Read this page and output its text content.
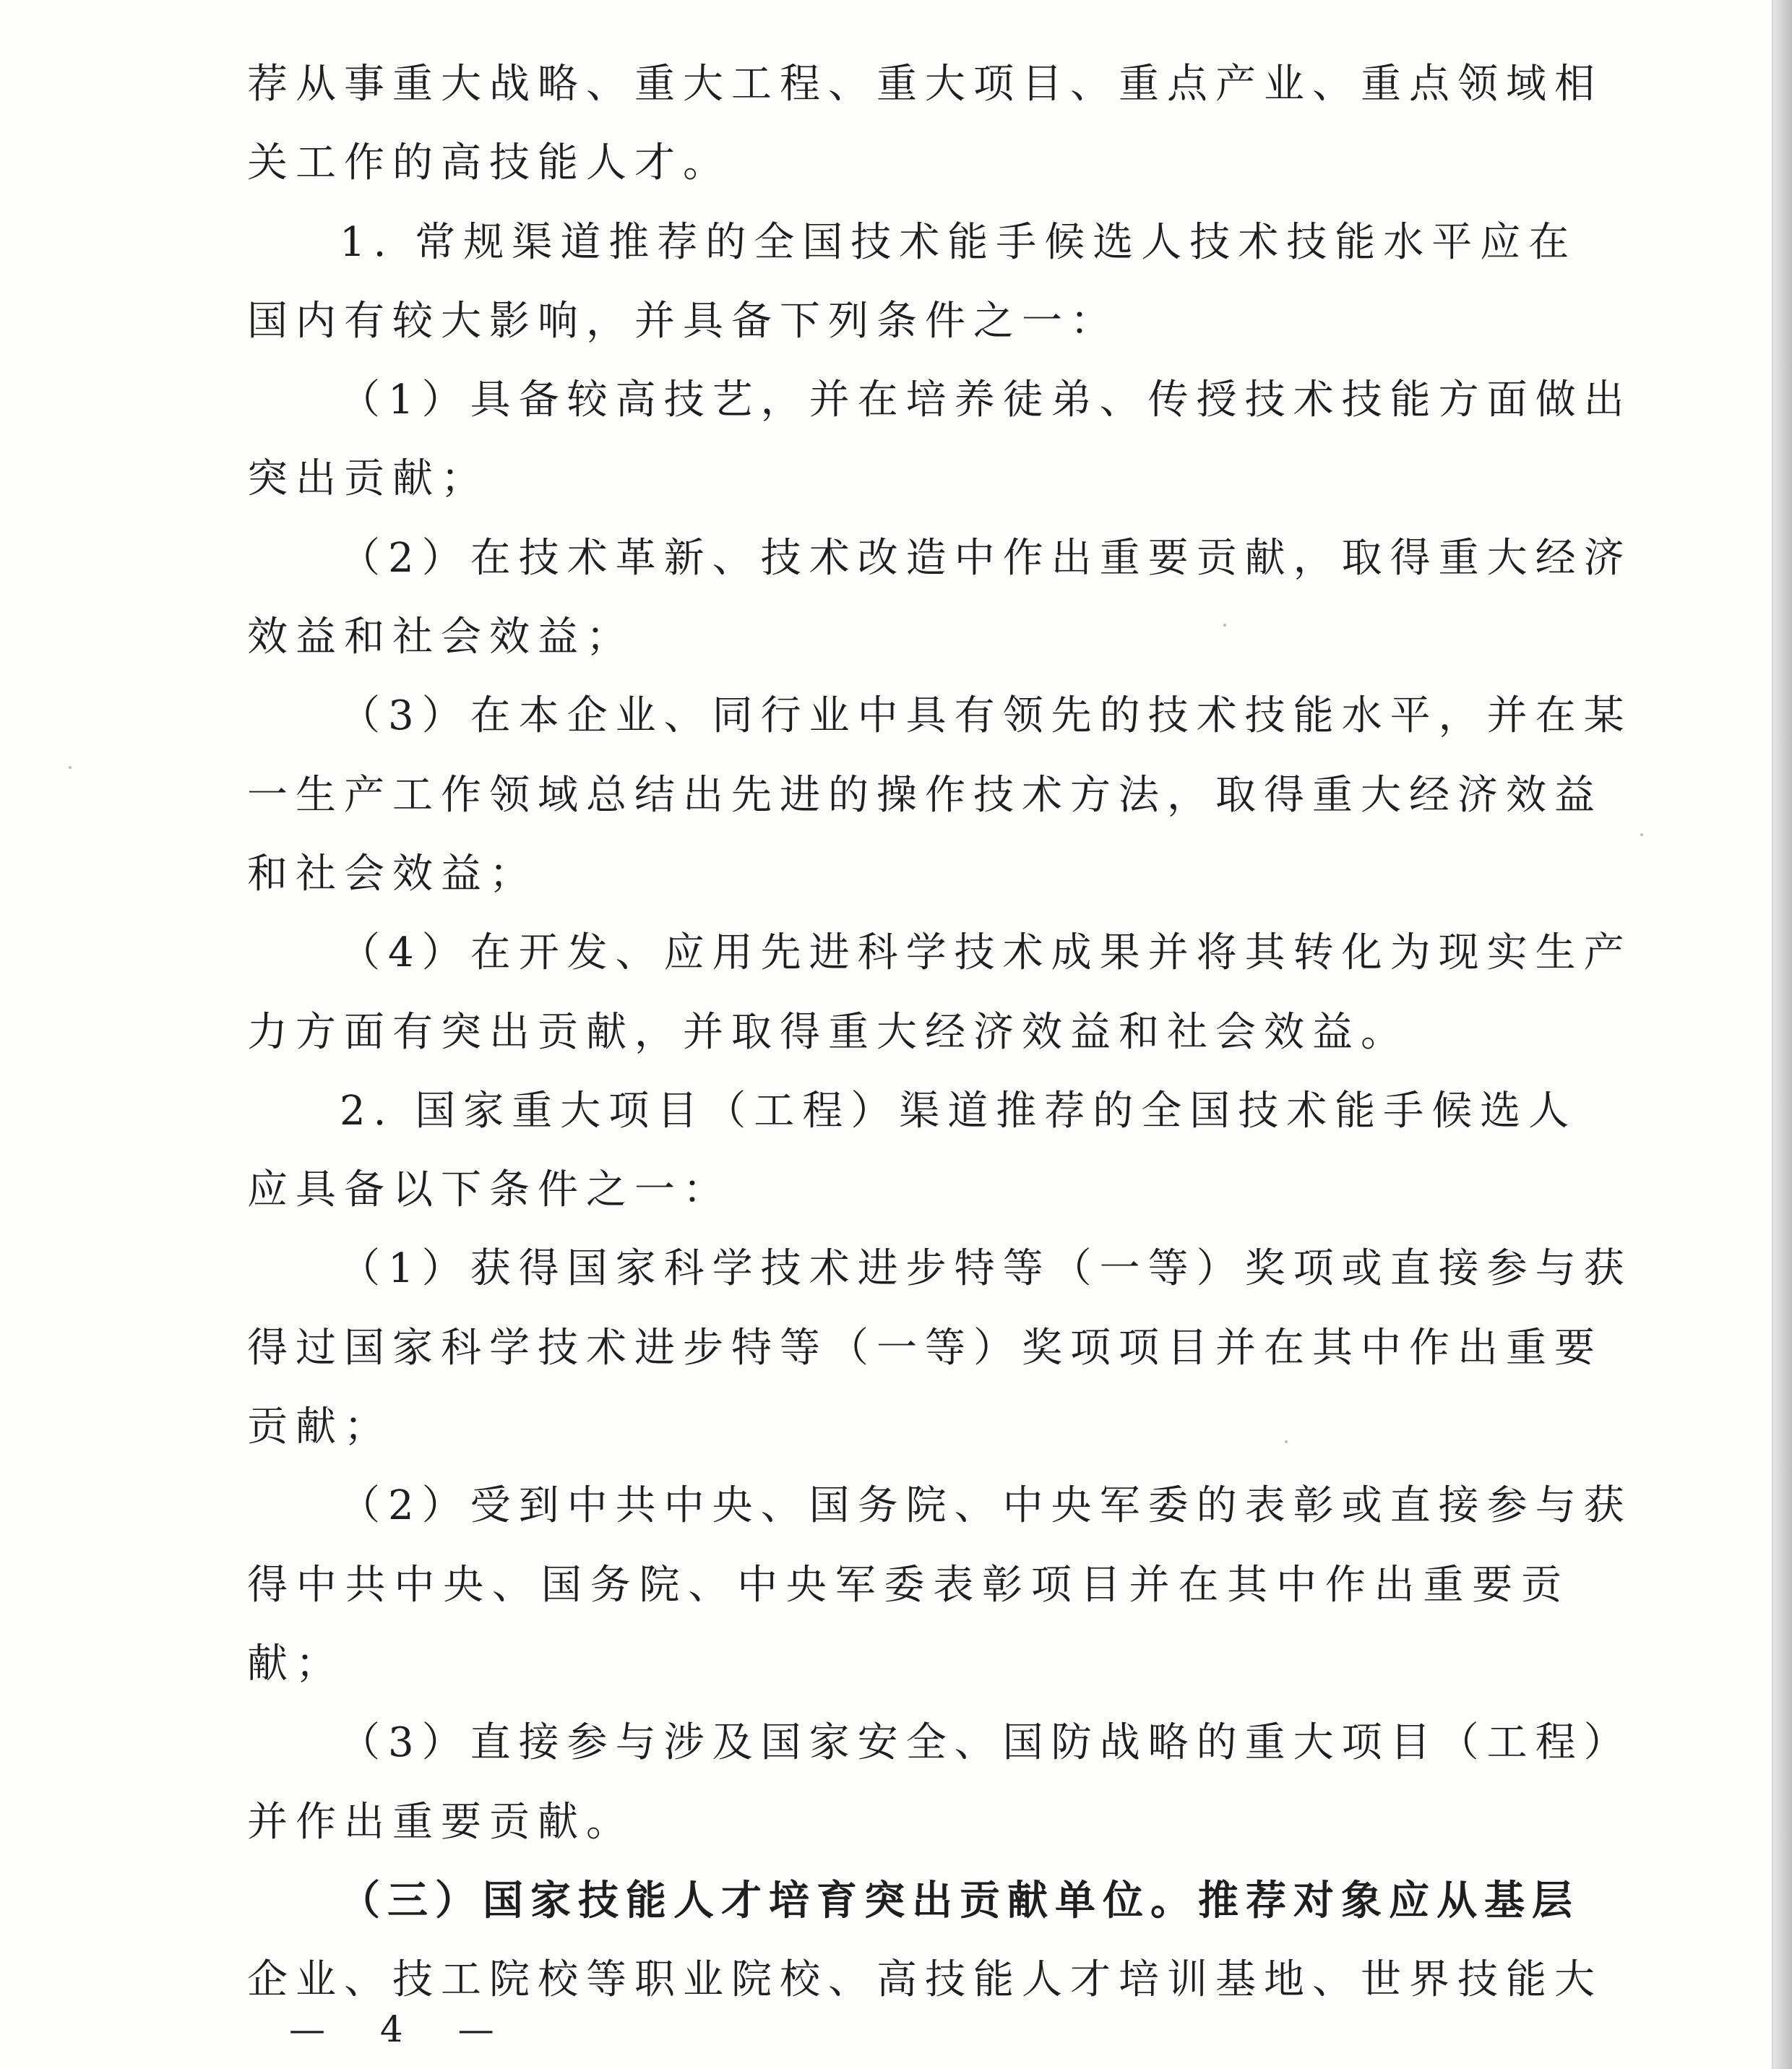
荐从事重大战略、重大工程、重大项目、重点产业、重点领域相
关工作的高技能人才。
1. 常规渠道推荐的全国技术能手候选人技术技能水平应在
国内有较大影响，并具备下列条件之一：
（1）具备较高技艺，并在培养徒弟、传授技术技能方面做出
突出贡献；
（2）在技术革新、技术改造中作出重要贡献，取得重大经济
效益和社会效益；
（3）在本企业、同行业中具有领先的技术技能水平，并在某
一生产工作领域总结出先进的操作技术方法，取得重大经济效益
和社会效益；
（4）在开发、应用先进科学技术成果并将其转化为现实生产
力方面有突出贡献，并取得重大经济效益和社会效益。
2. 国家重大项目（工程）渠道推荐的全国技术能手候选人
应具备以下条件之一：
（1）获得国家科学技术进步特等（一等）奖项或直接参与获
得过国家科学技术进步特等（一等）奖项项目并在其中作出重要
贡献；
（2）受到中共中央、国务院、中央军委的表彰或直接参与获
得中共中央、国务院、中央军委表彰项目并在其中作出重要贡
献；
（3）直接参与涉及国家安全、国防战略的重大项目（工程）
并作出重要贡献。
（三）国家技能人才培育突出贡献单位。推荐对象应从基层
企业、技工院校等职业院校、高技能人才培训基地、世界技能大
— 4 —
